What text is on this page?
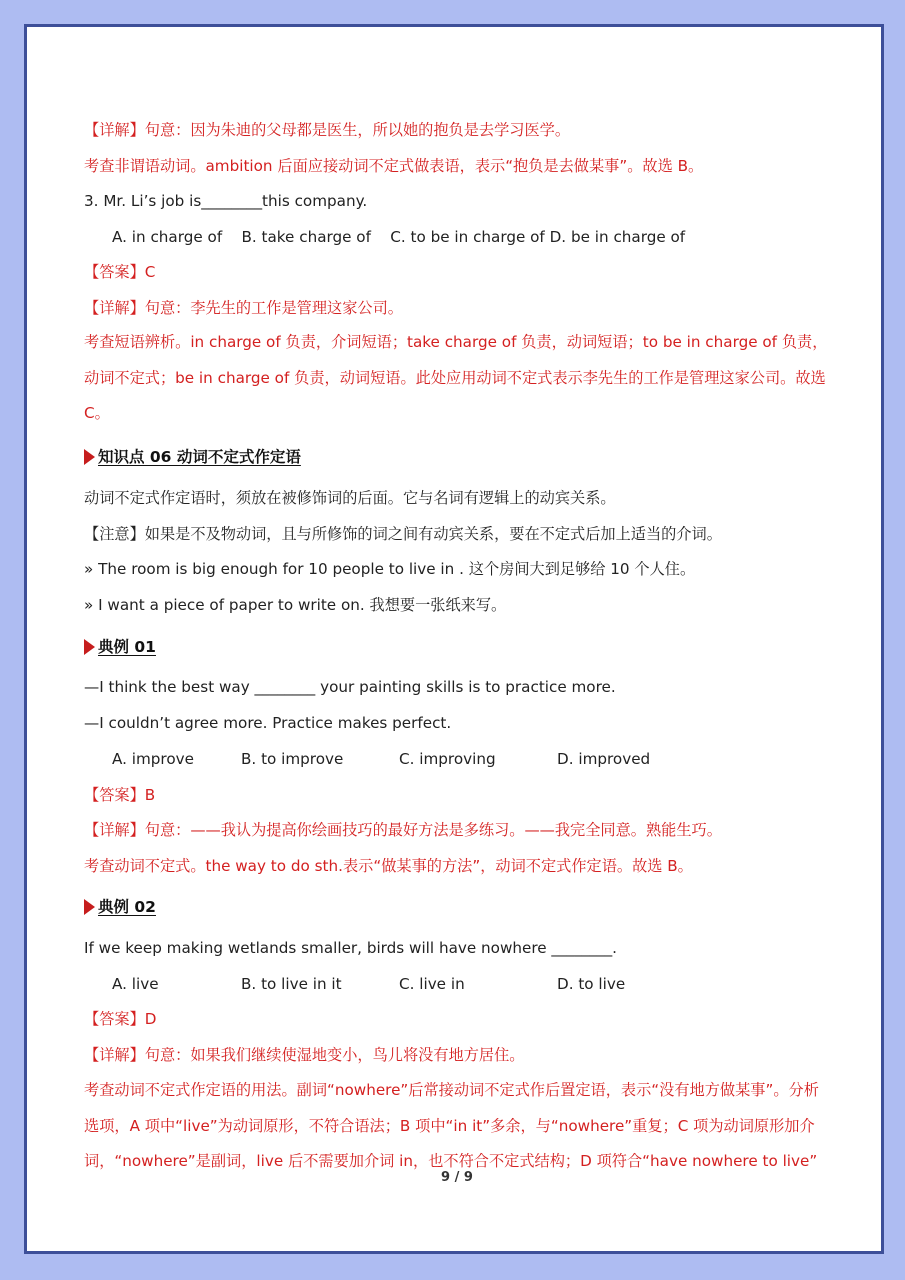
【详解】句意：因为朱迪的父母都是医生，所以她的抱负是去学习医学。
考查非谓语动词。ambition 后面应接动词不定式做表语，表示“抱负是去做某事”。故选 B。
3. Mr. Li’s job is________this company.
A. in charge of    B. take charge of    C. to be in charge of D. be in charge of
【答案】C
【详解】句意：李先生的工作是管理这家公司。
考查短语辨析。in charge of 负责，介词短语；take charge of 负责，动词短语；to be in charge of 负责，动词不定式；be in charge of 负责，动词短语。此处应用动词不定式表示李先生的工作是管理这家公司。故选 C。
知识点 06 动词不定式作定语
动词不定式作定语时，须放在被修饰词的后面。它与名词有逻辑上的动宾关系。
【注意】如果是不及物动词，且与所修饰的词之间有动宾关系，要在不定式后加上适当的介词。
» The room is big enough for 10 people to live in . 这个房间大到足够给 10 个人住。
» I want a piece of paper to write on. 我想要一张纸来写。
典例 01
—I think the best way ________ your painting skills is to practice more.
—I couldn’t agree more. Practice makes perfect.
A. improve	B. to improve	C. improving	D. improved
【答案】B
【详解】句意：——我认为提高你绘画技巧的最好方法是多练习。——我完全同意。熟能生巧。
考查动词不定式。the way to do sth.表示“做某事的方法”，动词不定式作定语。故选 B。
典例 02
If we keep making wetlands smaller, birds will have nowhere ________.
A. live	B. to live in it	C. live in	D. to live
【答案】D
【详解】句意：如果我们继续使湿地变小，鸟儿将没有地方居住。
考查动词不定式作定语的用法。副词“nowhere”后常接动词不定式作后置定语，表示“没有地方做某事”。分析选项，A 项中“live”为动词原形，不符合语法；B 项中“in it”多余，与“nowhere”重复；C 项为动词原形加介词，“nowhere”是副词，live 后不需要加介词 in，也不符合不定式结构；D 项符合“have nowhere to live”
9 / 9
